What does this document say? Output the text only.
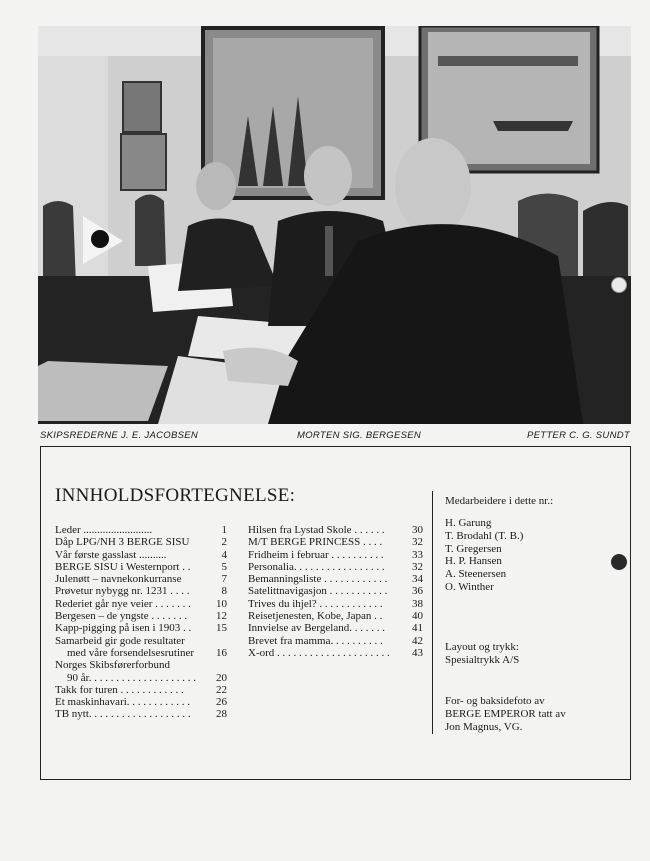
SKIPSREDERNE J. E. JACOBSEN	MORTEN SIG. BERGESEN	PETTER C. G. SUNDT
INNHOLDSFORTEGNELSE:
Leder .........................	1
Dåp LPG/NH 3 BERGE SISU	2
Vår første gasslast ..........	4
BERGE SISU i Westernport . .	5
Julenøtt – navnekonkurranse	7
Prøvetur nybygg nr. 1231 . . . .	8
Rederiet går nye veier . . . . . . .	10
Bergesen – de yngste . . . . . . .	12
Kapp-pigging på isen i 1903 . .	15
Samarbeid gir gode resultater
med våre forsendelsesrutiner	16
Norges Skibsførerforbund
90 år. . . . . . . . . . . . . . . . . . . .	20
Takk for turen . . . . . . . . . . . .	22
Et maskinhavari. . . . . . . . . . . .	26
TB nytt. . . . . . . . . . . . . . . . . . .	28
Hilsen fra Lystad Skole . . . . . .	30
M/T BERGE PRINCESS . . . .	32
Fridheim i februar . . . . . . . . . .	33
Personalia. . . . . . . . . . . . . . . . .	32
Bemanningsliste . . . . . . . . . . . .	34
Satelittnavigasjon . . . . . . . . . . .	36
Trives du ihjel? . . . . . . . . . . . .	38
Reisetjenesten, Kobe, Japan . .	40
Innvielse av Bergeland. . . . . . .	41
Brevet fra mamma. . . . . . . . . .	42
X-ord . . . . . . . . . . . . . . . . . . . . .	43
Medarbeidere i dette nr.:
H. Garung
T. Brodahl (T. B.)
T. Gregersen
H. P. Hansen
A. Steenersen
O. Winther
Layout og trykk:
Spesialtrykk A/S
For- og baksidefoto av
BERGE EMPEROR tatt av
Jon Magnus, VG.
